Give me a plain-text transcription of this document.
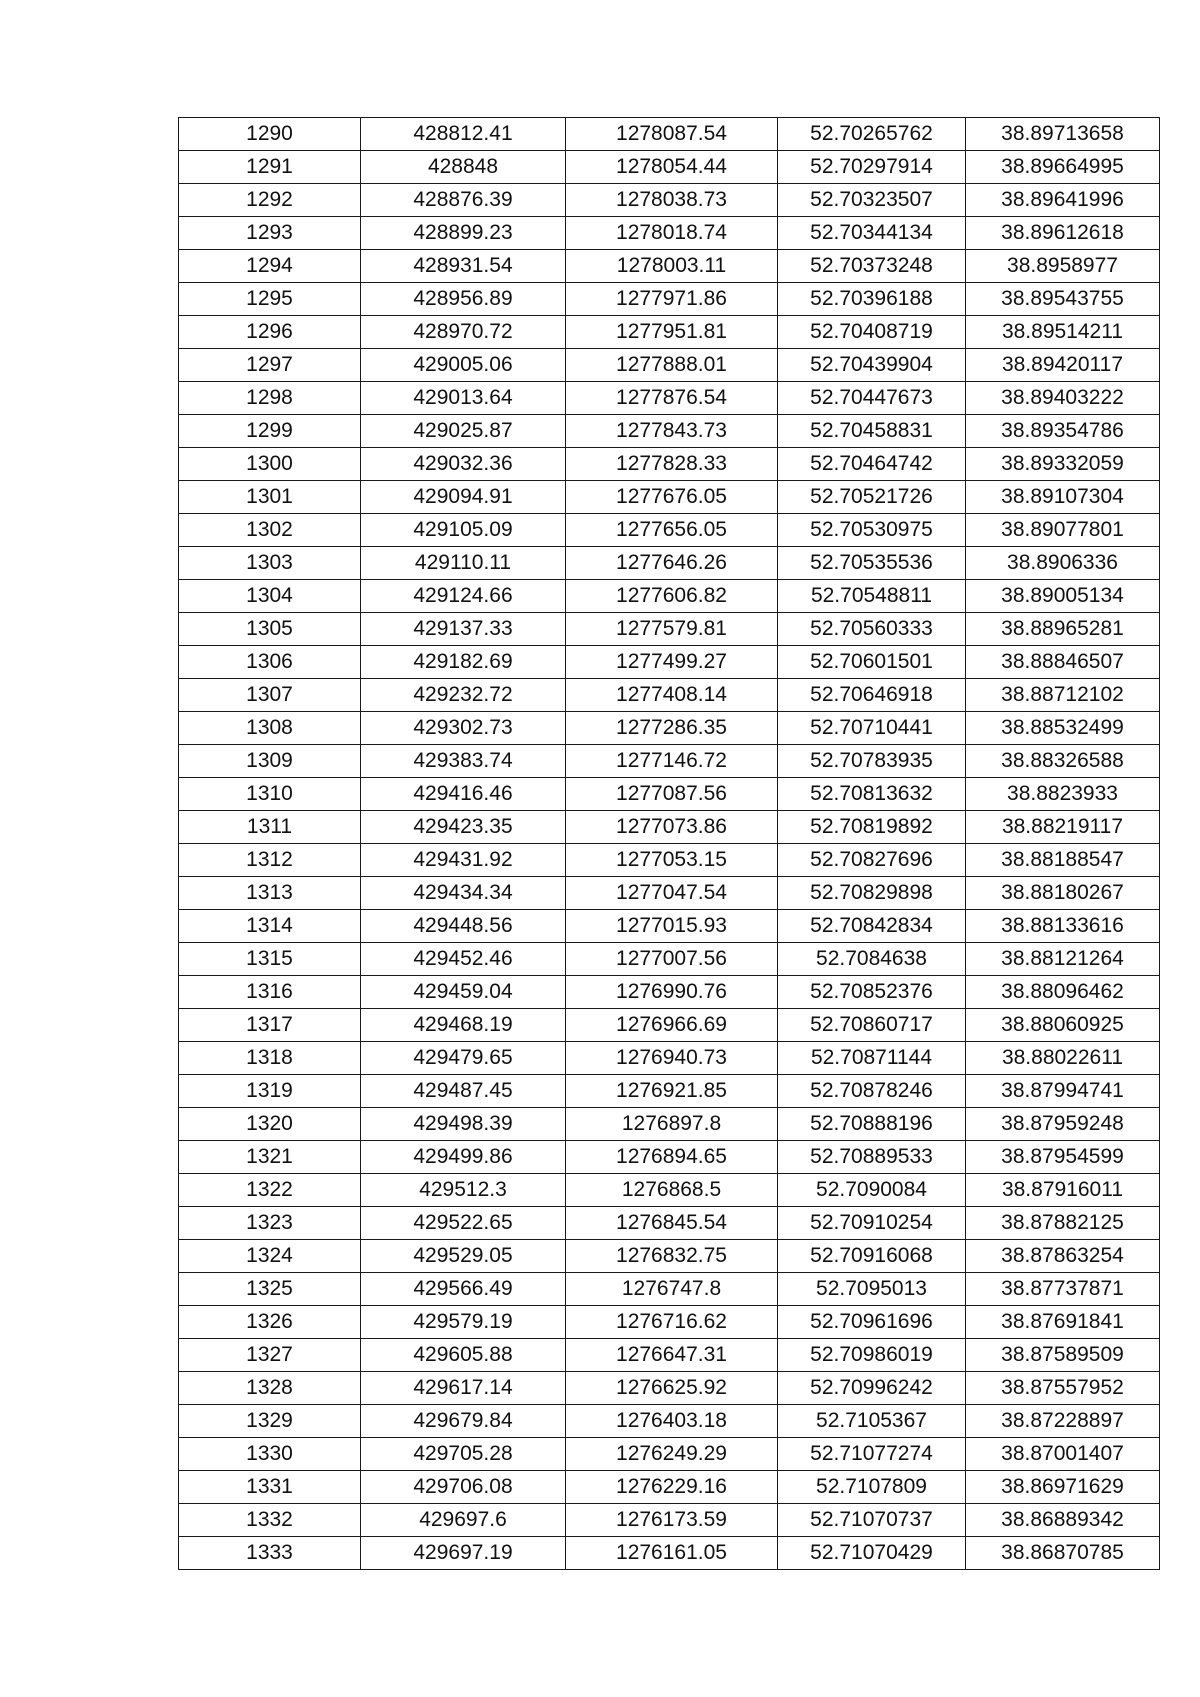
1290	428812.41	1278087.54	52.70265762	38.89713658
1291	428848	1278054.44	52.70297914	38.89664995
1292	428876.39	1278038.73	52.70323507	38.89641996
1293	428899.23	1278018.74	52.70344134	38.89612618
1294	428931.54	1278003.11	52.70373248	38.8958977
1295	428956.89	1277971.86	52.70396188	38.89543755
1296	428970.72	1277951.81	52.70408719	38.89514211
1297	429005.06	1277888.01	52.70439904	38.89420117
1298	429013.64	1277876.54	52.70447673	38.89403222
1299	429025.87	1277843.73	52.70458831	38.89354786
1300	429032.36	1277828.33	52.70464742	38.89332059
1301	429094.91	1277676.05	52.70521726	38.89107304
1302	429105.09	1277656.05	52.70530975	38.89077801
1303	429110.11	1277646.26	52.70535536	38.8906336
1304	429124.66	1277606.82	52.70548811	38.89005134
1305	429137.33	1277579.81	52.70560333	38.88965281
1306	429182.69	1277499.27	52.70601501	38.88846507
1307	429232.72	1277408.14	52.70646918	38.88712102
1308	429302.73	1277286.35	52.70710441	38.88532499
1309	429383.74	1277146.72	52.70783935	38.88326588
1310	429416.46	1277087.56	52.70813632	38.8823933
1311	429423.35	1277073.86	52.70819892	38.88219117
1312	429431.92	1277053.15	52.70827696	38.88188547
1313	429434.34	1277047.54	52.70829898	38.88180267
1314	429448.56	1277015.93	52.70842834	38.88133616
1315	429452.46	1277007.56	52.7084638	38.88121264
1316	429459.04	1276990.76	52.70852376	38.88096462
1317	429468.19	1276966.69	52.70860717	38.88060925
1318	429479.65	1276940.73	52.70871144	38.88022611
1319	429487.45	1276921.85	52.70878246	38.87994741
1320	429498.39	1276897.8	52.70888196	38.87959248
1321	429499.86	1276894.65	52.70889533	38.87954599
1322	429512.3	1276868.5	52.7090084	38.87916011
1323	429522.65	1276845.54	52.70910254	38.87882125
1324	429529.05	1276832.75	52.70916068	38.87863254
1325	429566.49	1276747.8	52.7095013	38.87737871
1326	429579.19	1276716.62	52.70961696	38.87691841
1327	429605.88	1276647.31	52.70986019	38.87589509
1328	429617.14	1276625.92	52.70996242	38.87557952
1329	429679.84	1276403.18	52.7105367	38.87228897
1330	429705.28	1276249.29	52.71077274	38.87001407
1331	429706.08	1276229.16	52.7107809	38.86971629
1332	429697.6	1276173.59	52.71070737	38.86889342
1333	429697.19	1276161.05	52.71070429	38.86870785
